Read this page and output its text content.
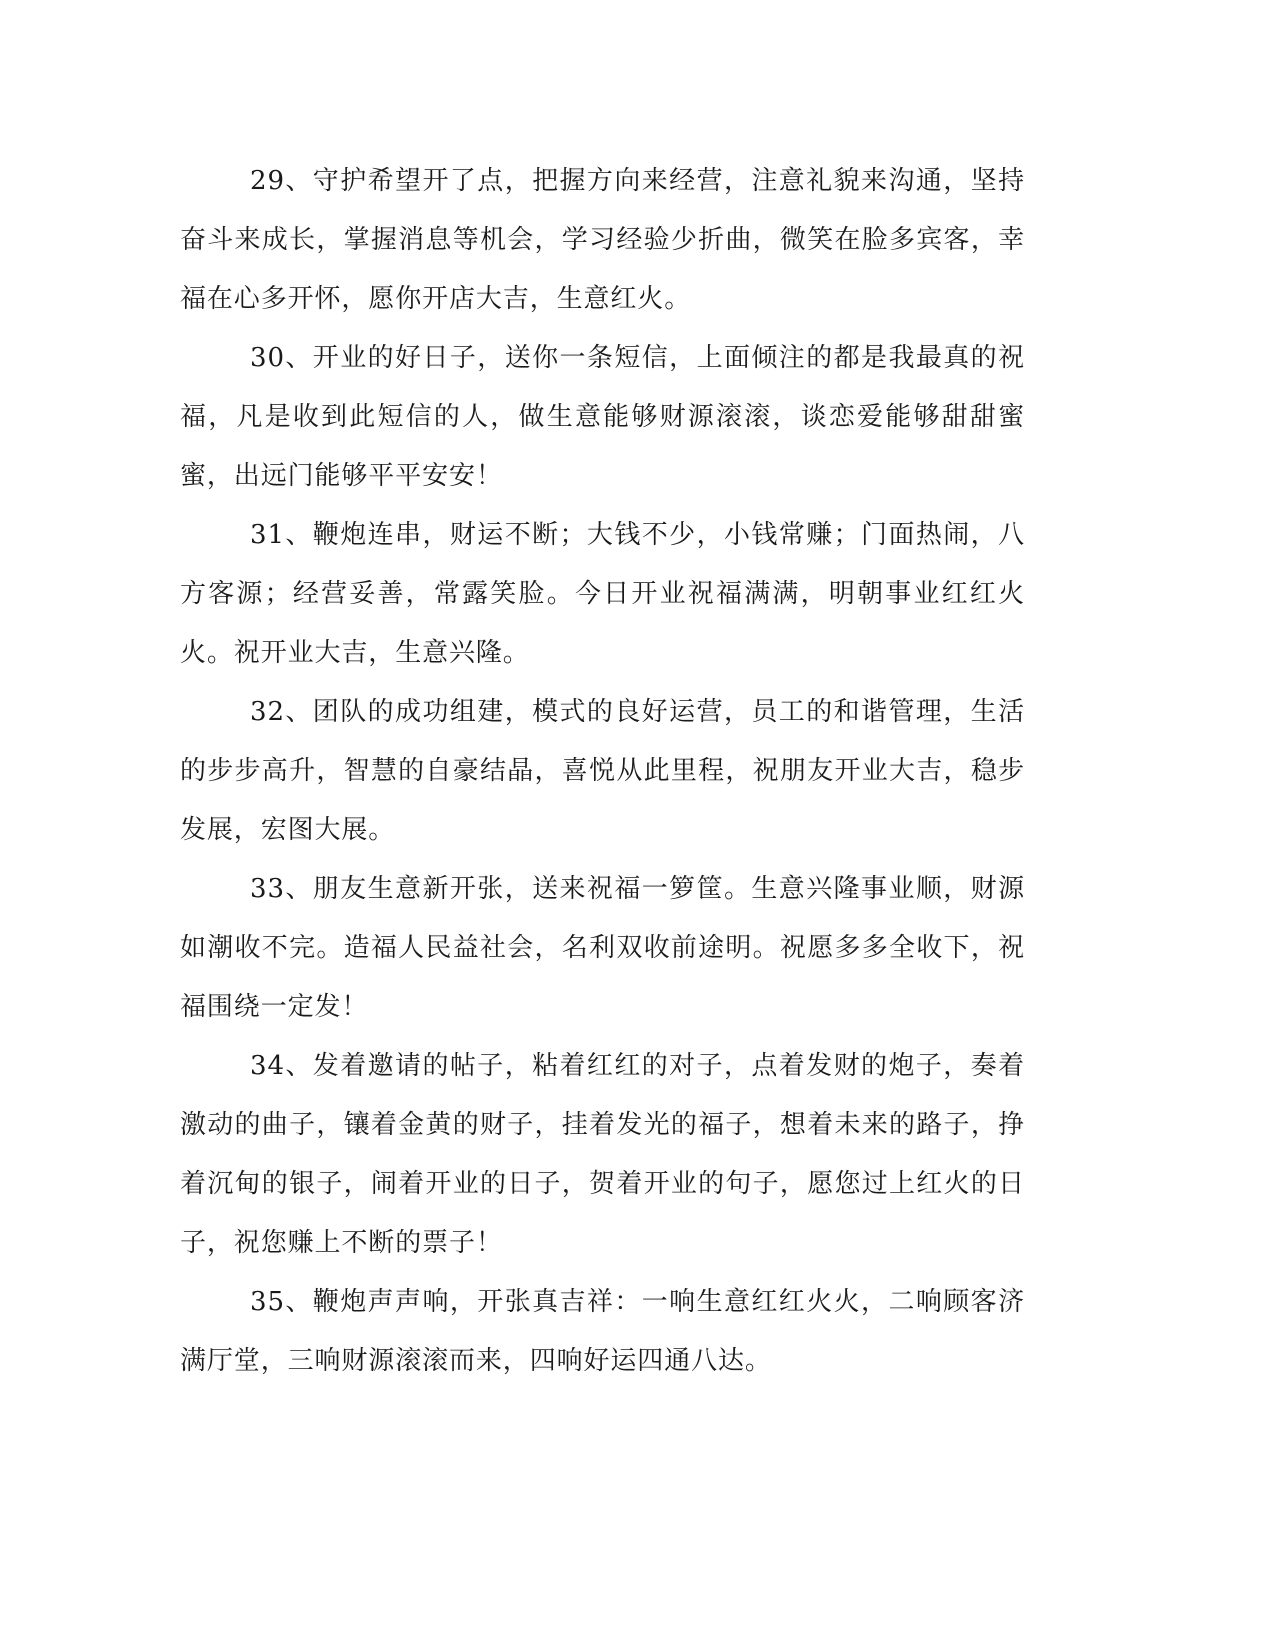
29、守护希望开了点，把握方向来经营，注意礼貌来沟通，坚持奋斗来成长，掌握消息等机会，学习经验少折曲，微笑在脸多宾客，幸福在心多开怀，愿你开店大吉，生意红火。

30、开业的好日子，送你一条短信，上面倾注的都是我最真的祝福，凡是收到此短信的人，做生意能够财源滚滚，谈恋爱能够甜甜蜜蜜，出远门能够平平安安！

31、鞭炮连串，财运不断；大钱不少，小钱常赚；门面热闹，八方客源；经营妥善，常露笑脸。今日开业祝福满满，明朝事业红红火火。祝开业大吉，生意兴隆。

32、团队的成功组建，模式的良好运营，员工的和谐管理，生活的步步高升，智慧的自豪结晶，喜悦从此里程，祝朋友开业大吉，稳步发展，宏图大展。

33、朋友生意新开张，送来祝福一箩筐。生意兴隆事业顺，财源如潮收不完。造福人民益社会，名利双收前途明。祝愿多多全收下，祝福围绕一定发！

34、发着邀请的帖子，粘着红红的对子，点着发财的炮子，奏着激动的曲子，镶着金黄的财子，挂着发光的福子，想着未来的路子，挣着沉甸的银子，闹着开业的日子，贺着开业的句子，愿您过上红火的日子，祝您赚上不断的票子！

35、鞭炮声声响，开张真吉祥：一响生意红红火火，二响顾客济满厅堂，三响财源滚滚而来，四响好运四通八达。
